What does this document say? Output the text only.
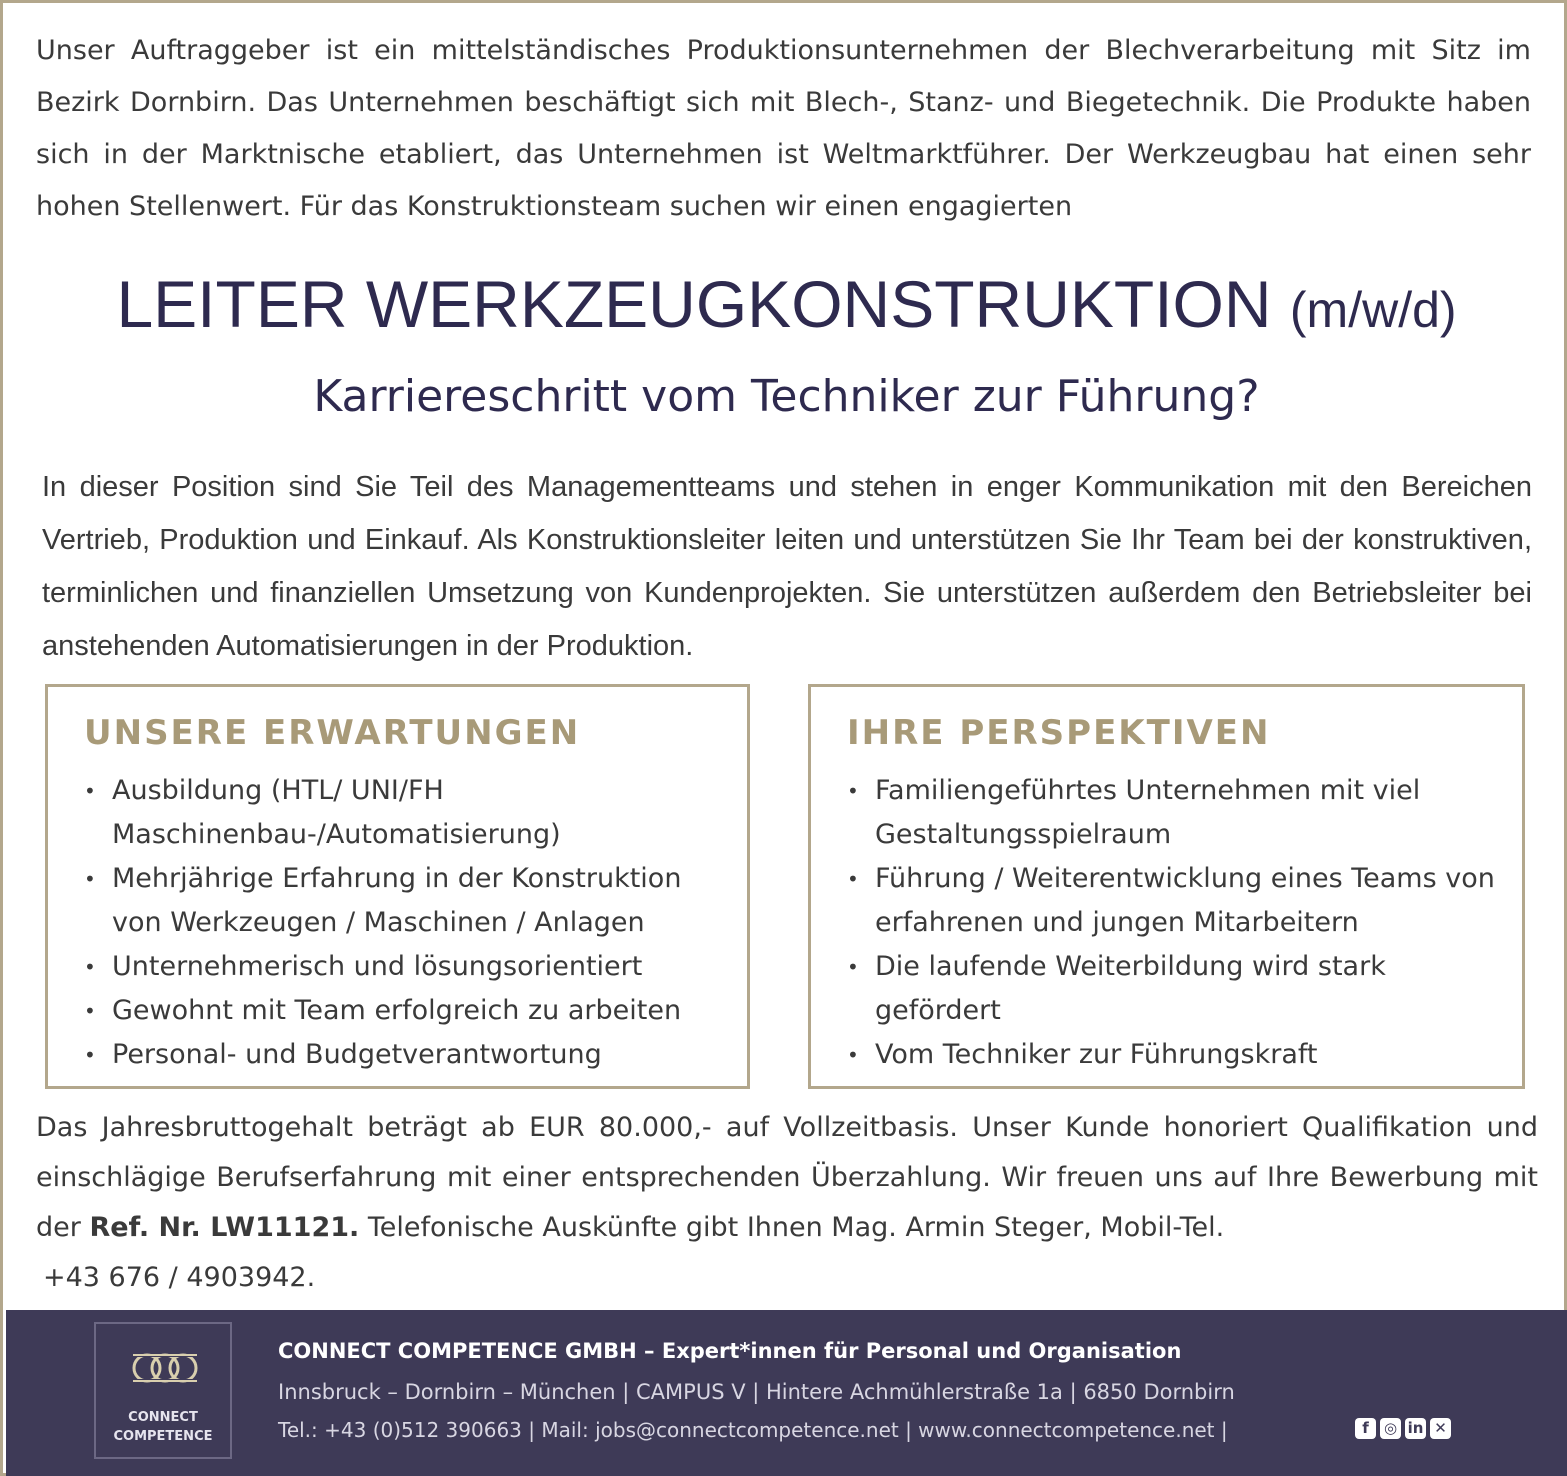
Unser Auftraggeber ist ein mittelständisches Produktionsunternehmen der Blechverarbeitung mit Sitz im Bezirk Dornbirn. Das Unternehmen beschäftigt sich mit Blech-, Stanz- und Biegetechnik. Die Produkte haben sich in der Marktnische etabliert, das Unternehmen ist Weltmarktführer. Der Werkzeugbau hat einen sehr hohen Stellenwert. Für das Konstruktionsteam suchen wir einen engagierten

LEITER WERKZEUGKONSTRUKTION (m/w/d)
Karriereschritt vom Techniker zur Führung?

In dieser Position sind Sie Teil des Managementteams und stehen in enger Kommunikation mit den Bereichen Vertrieb, Produktion und Einkauf. Als Konstruktionsleiter leiten und unterstützen Sie Ihr Team bei der konstruktiven, terminlichen und finanziellen Umsetzung von Kundenprojekten. Sie unterstützen außerdem den Betriebsleiter bei anstehenden Automatisierungen in der Produktion.

UNSERE ERWARTUNGEN
• Ausbildung (HTL/ UNI/FH Maschinenbau-/Automatisierung)
• Mehrjährige Erfahrung in der Konstruktion von Werkzeugen / Maschinen / Anlagen
• Unternehmerisch und lösungsorientiert
• Gewohnt mit Team erfolgreich zu arbeiten
• Personal- und Budgetverantwortung
IHRE PERSPEKTIVEN
• Familiengeführtes Unternehmen mit viel Gestaltungsspielraum
• Führung / Weiterentwicklung eines Teams von erfahrenen und jungen Mitarbeitern
• Die laufende Weiterbildung wird stark gefördert
• Vom Techniker zur Führungskraft

Das Jahresbruttogehalt beträgt ab EUR 80.000,- auf Vollzeitbasis. Unser Kunde honoriert Qualifikation und einschlägige Berufserfahrung mit einer entsprechenden Überzahlung. Wir freuen uns auf Ihre Bewerbung mit der Ref. Nr. LW11121. Telefonische Auskünfte gibt Ihnen Mag. Armin Steger, Mobil-Tel.

+43 676 / 4903942.

CONNECT
COMPETENCE
CONNECT COMPETENCE GMBH – Expert*innen für Personal und Organisation
Innsbruck – Dornbirn – München | CAMPUS V | Hintere Achmühlerstraße 1a | 6850 Dornbirn
Tel.: +43 (0)512 390663 | Mail: jobs@connectcompetence.net | www.connectcompetence.net |	f ◎ in ✕
